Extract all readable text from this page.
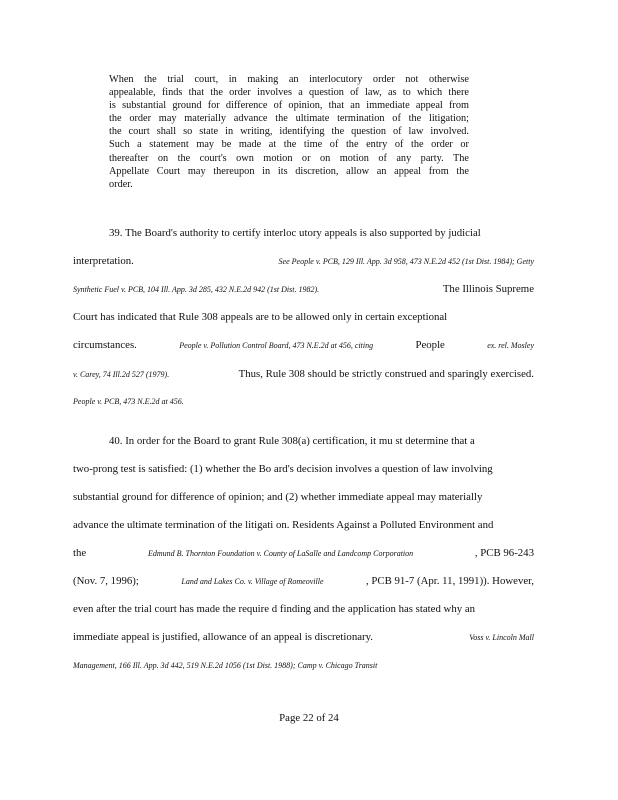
When the trial court, in making an interlocutory order not otherwise
appealable, finds that the order involves a question of law, as to which there
is substantial ground for difference of opinion, that an immediate appeal from
the order may materially advance the ultimate termination of the litigation;
the court shall so state in writing, identifying the question of law involved.
Such a statement may be made at the time of the entry of the order or
thereafter on the court's own motion or on motion of any party. The
Appellate Court may thereupon in its discretion, allow an appeal from the
order.
39. The Board's authority to certify interloc utory appeals is also supported by judicial
interpretation.	See People v. PCB, 129 Ill. App. 3d 958, 473 N.E.2d 452 (1st Dist. 1984); Getty
Synthetic Fuel v. PCB, 104 Ill. App. 3d 285, 432 N.E.2d 942 (1st Dist. 1982).	The Illinois Supreme
Court has indicated that Rule 308 appeals are to be allowed only in certain exceptional
circumstances.	People v. Pollution Control Board, 473 N.E.2d at 456, citing	People	ex. rel. Mosley
v. Carey, 74 Ill.2d 527 (1979).	Thus, Rule 308 should be strictly construed and sparingly exercised.
People v. PCB, 473 N.E.2d at 456.
40. In order for the Board to grant Rule 308(a) certification, it mu st determine that a
two-prong test is satisfied: (1) whether the Bo ard's decision involves a question of law involving
substantial ground for difference of opinion; and (2) whether immediate appeal may materially
advance the ultimate termination of the litigati on. Residents Against a Polluted Environment and
the	Edmund B. Thornton Foundation v. County of LaSalle and Landcomp Corporation	, PCB 96-243
(Nov. 7, 1996);	Land and Lakes Co. v. Village of Romeoville	, PCB 91-7 (Apr. 11, 1991)). However,
even after the trial court has made the require d finding and the application has stated why an
immediate appeal is justified, allowance of an appeal is discretionary.	Voss v. Lincoln Mall
Management, 166 Ill. App. 3d 442, 519 N.E.2d 1056 (1st Dist. 1988); Camp v. Chicago Transit
Page 22 of 24
